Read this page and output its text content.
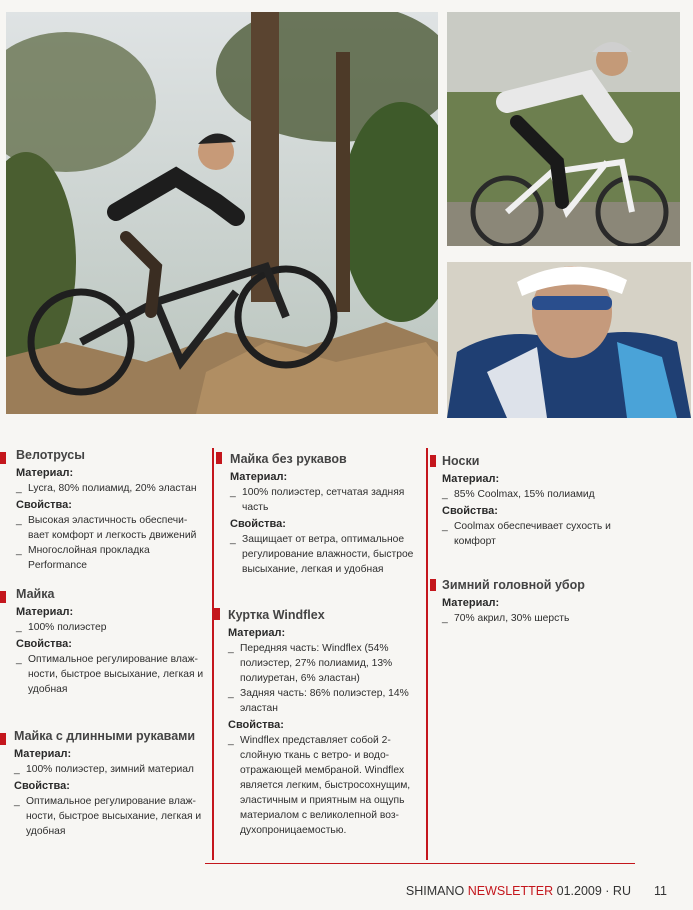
Велотрусы
Материал:
_ Lycra, 80% полиамид, 20% эластан
Свойства:
_ Высокая эластичность обеспечи-вает комфорт и легкость движений
_ Многослойная прокладка Performance
Майка
Материал:
_ 100% полиэстер
Свойства:
_ Оптимальное регулирование влаж-ности, быстрое высыхание, легкая и удобная
Майка с длинными рукавами
Материал:
_ 100% полиэстер, зимний материал
Свойства:
_ Оптимальное регулирование влаж-ности, быстрое высыхание, легкая и удобная
Майка без рукавов
Материал:
_ 100% полиэстер, сетчатая задняя часть
Свойства:
_ Защищает от ветра, оптимальное регулирование влажности, быстрое высыхание, легкая и удобная
Куртка Windflex
Материал:
_ Передняя часть: Windflex (54% полиэстер, 27% полиамид, 13% полиуретан, 6% эластан)
_ Задняя часть: 86% полиэстер, 14% эластан
Свойства:
_ Windflex представляет собой 2-слойную ткань с ветро- и водо-отражающей мембраной. Windflex является легким, быстросохнущим, эластичным и приятным на ощупь материалом с великолепной воз-духопроницаемостью.
Носки
Материал:
_ 85% Coolmax, 15% полиамид
Свойства:
_ Coolmax обеспечивает сухость и комфорт
Зимний головной убор
Материал:
_ 70% акрил, 30% шерсть
SHIMANO NEWSLETTER 01.2009 · RU 11
